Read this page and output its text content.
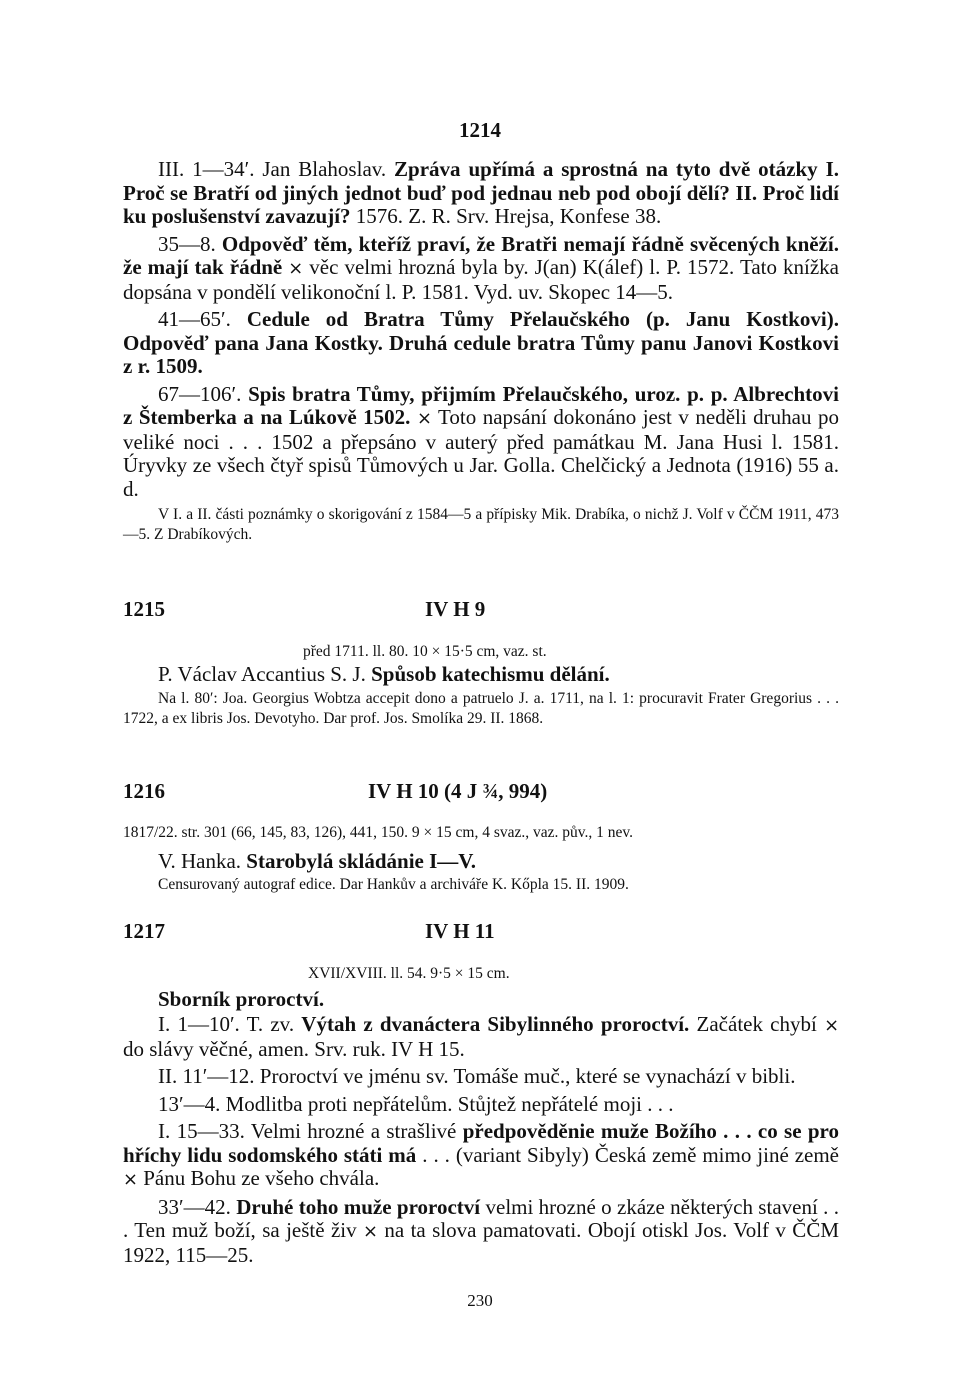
1214

III. 1—34′. Jan Blahoslav. Zpráva upřímá a sprostná na tyto dvě otázky I. Proč se Bratří od jiných jednot buď pod jednau neb pod obojí dělí? II. Proč lidí ku poslušenství zavazují? 1576. Z. R. Srv. Hrejsa, Konfese 38.

35—8. Odpověď těm, kteříž praví, že Bratři nemají řádně svěcených kněží. že mají tak řádně × věc velmi hrozná byla by. J(an) K(álef) l. P. 1572. Tato knížka dopsána v pondělí velikonoční l. P. 1581. Vyd. uv. Skopec 14—5.

41—65′. Cedule od Bratra Tůmy Přelaučského (p. Janu Kostkovi). Odpověď pana Jana Kostky. Druhá cedule bratra Tůmy panu Janovi Kostkovi z r. 1509.

67—106′. Spis bratra Tůmy, přijmím Přelaučského, uroz. p. p. Albrechtovi z Štemberka a na Lúkově 1502. × Toto napsání dokonáno jest v neděli druhau po veliké noci . . . 1502 a přepsáno v auterý před památkau M. Jana Husi l. 1581. Úryvky ze všech čtyř spisů Tůmových u Jar. Golla. Chelčický a Jednota (1916) 55 a. d.

V I. a II. části poznámky o skorigování z 1584—5 a přípisky Mik. Drabíka, o nichž J. Volf v ČČM 1911, 473—5. Z Drabíkových.

1215	IV H 9
před 1711. ll. 80. 10 × 15·5 cm, vaz. st.
P. Václav Accantius S. J. Spůsob katechismu dělání.

Na l. 80′: Joa. Georgius Wobtza accepit dono a patruelo J. a. 1711, na l. 1: procuravit Frater Gregorius . . . 1722, a ex libris Jos. Devotyho. Dar prof. Jos. Smolíka 29. II. 1868.

1216	IV H 10 (4 J ¾, 994)
1817/22. str. 301 (66, 145, 83, 126), 441, 150. 9 × 15 cm, 4 svaz., vaz. pův., 1 nev.
V. Hanka. Starobylá skládánie I—V.

Censurovaný autograf edice. Dar Hankův a archiváře K. Kőpla 15. II. 1909.

1217	IV H 11
XVII/XVIII. ll. 54. 9·5 × 15 cm.
Sborník proroctví.

I. 1—10′. T. zv. Výtah z dvanáctera Sibylinného proroctví. Začátek chybí × do slávy věčné, amen. Srv. ruk. IV H 15.

II. 11′—12. Proroctví ve jménu sv. Tomáše muč., které se vynachází v bibli.

13′—4. Modlitba proti nepřátelům. Stůjtež nepřátelé moji . . .

I. 15—33. Velmi hrozné a strašlivé předpověděnie muže Božího . . . co se pro hříchy lidu sodomského státi má . . . (variant Sibyly) Česká země mimo jiné země × Pánu Bohu ze všeho chvála.

33′—42. Druhé toho muže proroctví velmi hrozné o zkáze některých stavení . . . Ten muž boží, sa ještě živ × na ta slova pamatovati. Obojí otiskl Jos. Volf v ČČM 1922, 115—25.

230
